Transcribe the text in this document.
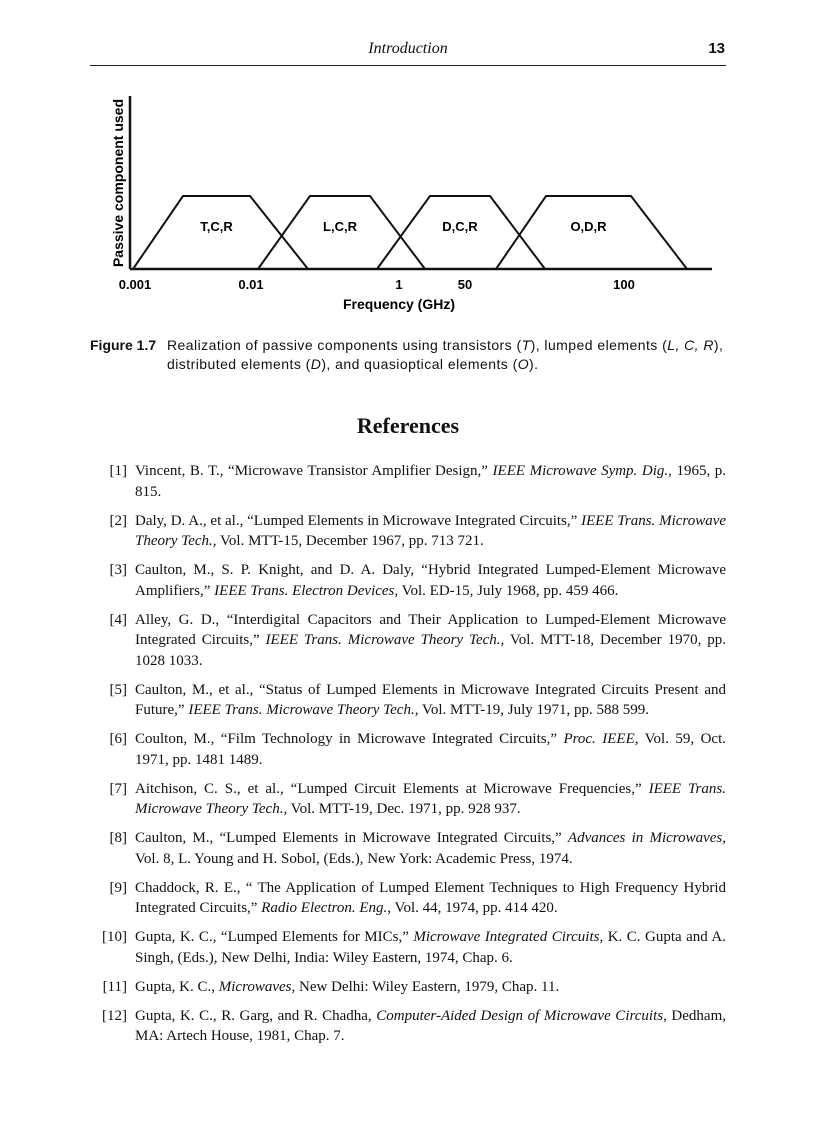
Introduction	13
Passive component used	T,C,R	L,C,R	D,C,R	O,D,R
0.001	0.01	1	50	100
Frequency (GHz)
Figure 1.7 Realization of passive components using transistors (T), lumped elements (L, C, R), distributed elements (D), and quasioptical elements (O).
References
[1] Vincent, B. T., “Microwave Transistor Amplifier Design,” IEEE Microwave Symp. Dig., 1965, p. 815.
[2] Daly, D. A., et al., “Lumped Elements in Microwave Integrated Circuits,” IEEE Trans. Microwave Theory Tech., Vol. MTT-15, December 1967, pp. 713 721.
[3] Caulton, M., S. P. Knight, and D. A. Daly, “Hybrid Integrated Lumped-Element Microwave Amplifiers,” IEEE Trans. Electron Devices, Vol. ED-15, July 1968, pp. 459 466.
[4] Alley, G. D., “Interdigital Capacitors and Their Application to Lumped-Element Microwave Integrated Circuits,” IEEE Trans. Microwave Theory Tech., Vol. MTT-18, December 1970, pp. 1028 1033.
[5] Caulton, M., et al., “Status of Lumped Elements in Microwave Integrated Circuits Present and Future,” IEEE Trans. Microwave Theory Tech., Vol. MTT-19, July 1971, pp. 588 599.
[6] Coulton, M., “Film Technology in Microwave Integrated Circuits,” Proc. IEEE, Vol. 59, Oct. 1971, pp. 1481 1489.
[7] Aitchison, C. S., et al., “Lumped Circuit Elements at Microwave Frequencies,” IEEE Trans. Microwave Theory Tech., Vol. MTT-19, Dec. 1971, pp. 928 937.
[8] Caulton, M., “Lumped Elements in Microwave Integrated Circuits,” Advances in Microwaves, Vol. 8, L. Young and H. Sobol, (Eds.), New York: Academic Press, 1974.
[9] Chaddock, R. E., “ The Application of Lumped Element Techniques to High Frequency Hybrid Integrated Circuits,” Radio Electron. Eng., Vol. 44, 1974, pp. 414 420.
[10] Gupta, K. C., “Lumped Elements for MICs,” Microwave Integrated Circuits, K. C. Gupta and A. Singh, (Eds.), New Delhi, India: Wiley Eastern, 1974, Chap. 6.
[11] Gupta, K. C., Microwaves, New Delhi: Wiley Eastern, 1979, Chap. 11.
[12] Gupta, K. C., R. Garg, and R. Chadha, Computer-Aided Design of Microwave Circuits, Dedham, MA: Artech House, 1981, Chap. 7.
